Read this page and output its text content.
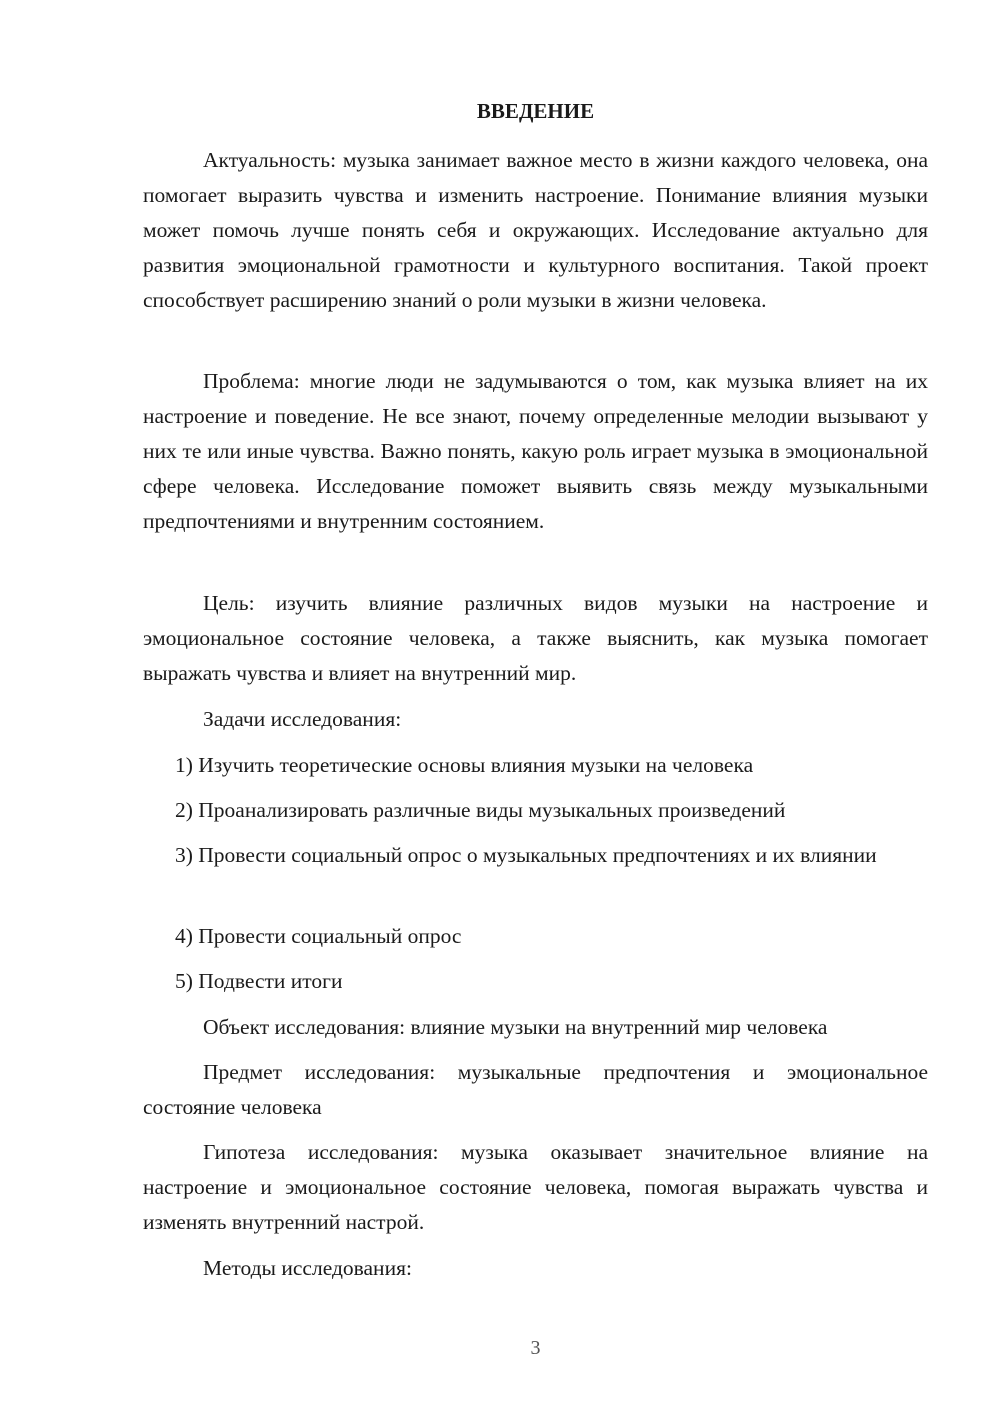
ВВЕДЕНИЕ

Актуальность: музыка занимает важное место в жизни каждого человека, она помогает выразить чувства и изменить настроение. Понимание влияния музыки может помочь лучше понять себя и окружающих. Исследование актуально для развития эмоциональной грамотности и культурного воспитания. Такой проект способствует расширению знаний о роли музыки в жизни человека.

Проблема: многие люди не задумываются о том, как музыка влияет на их настроение и поведение. Не все знают, почему определенные мелодии вызывают у них те или иные чувства. Важно понять, какую роль играет музыка в эмоциональной сфере человека. Исследование поможет выявить связь между музыкальными предпочтениями и внутренним состоянием.

Цель: изучить влияние различных видов музыки на настроение и эмоциональное состояние человека, а также выяснить, как музыка помогает выражать чувства и влияет на внутренний мир.

Задачи исследования:

1) Изучить теоретические основы влияния музыки на человека

2) Проанализировать различные виды музыкальных произведений

3) Провести социальный опрос о музыкальных предпочтениях и их влиянии

4) Провести социальный опрос

5) Подвести итоги

Объект исследования: влияние музыки на внутренний мир человека

Предмет исследования: музыкальные предпочтения и эмоциональное состояние человека

Гипотеза исследования: музыка оказывает значительное влияние на настроение и эмоциональное состояние человека, помогая выражать чувства и изменять внутренний настрой.

Методы исследования:

3
